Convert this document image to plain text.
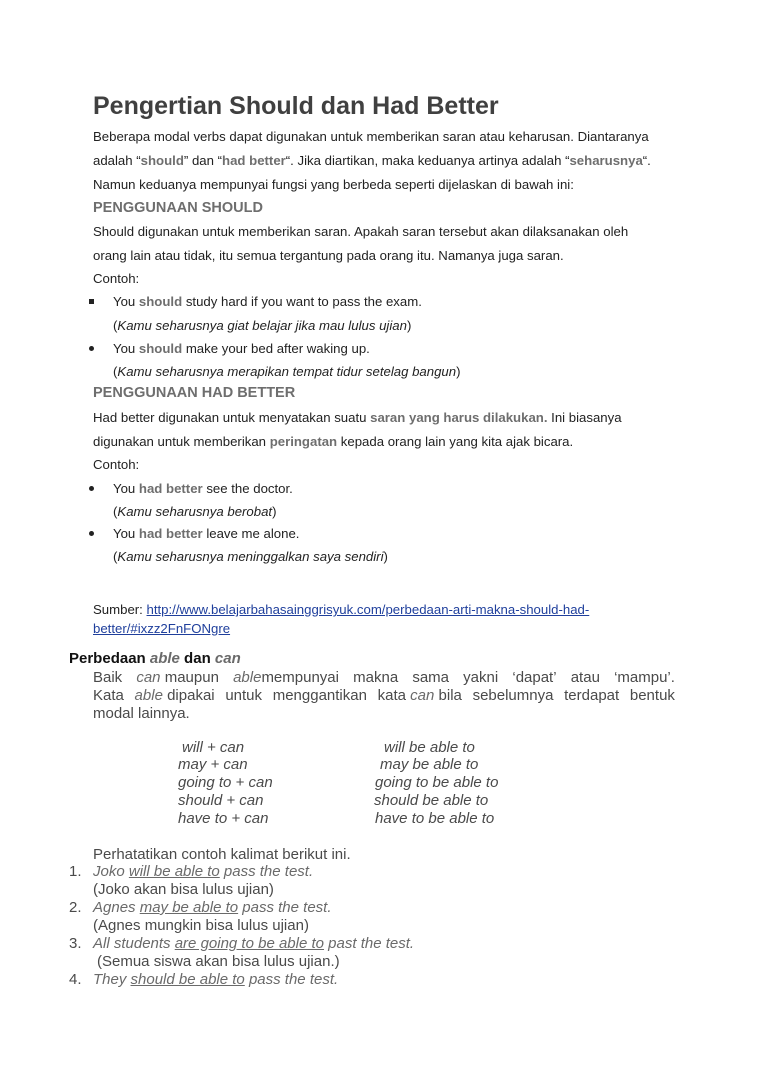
Pengertian Should dan Had Better
Beberapa modal verbs dapat digunakan untuk memberikan saran atau keharusan. Diantaranya
adalah “should” dan “had better“. Jika diartikan, maka keduanya artinya adalah “seharusnya“.
Namun keduanya mempunyai fungsi yang berbeda seperti dijelaskan di bawah ini:
PENGGUNAAN SHOULD
Should digunakan untuk memberikan saran. Apakah saran tersebut akan dilaksanakan oleh
orang lain atau tidak, itu semua tergantung pada orang itu. Namanya juga saran.
Contoh:
You should study hard if you want to pass the exam.
(Kamu seharusnya giat belajar jika mau lulus ujian)
You should make your bed after waking up.
(Kamu seharusnya merapikan tempat tidur setelag bangun)
PENGGUNAAN HAD BETTER
Had better digunakan untuk menyatakan suatu saran yang harus dilakukan. Ini biasanya
digunakan untuk memberikan peringatan kepada orang lain yang kita ajak bicara.
Contoh:
You had better see the doctor.
(Kamu seharusnya berobat)
You had better leave me alone.
(Kamu seharusnya meninggalkan saya sendiri)
Sumber: http://www.belajarbahasainggrisyuk.com/perbedaan-arti-makna-should-had-
better/#ixzz2FnFONgre
Perbedaan able dan can
Baik can maupun ablemempunyai makna sama yakni ‘dapat’ atau ‘mampu’.
Kata able dipakai untuk menggantikan kata can bila sebelumnya terdapat bentuk
modal lainnya.
will + can	will be able to
may + can	may be able to
going to + can	going to be able to
should + can	should be able to
have to + can	have to be able to
Perhatatikan contoh kalimat berikut ini.
1. Joko will be able to pass the test.
(Joko akan bisa lulus ujian)
2. Agnes may be able to pass the test.
(Agnes mungkin bisa lulus ujian)
3. All students are going to be able to past the test.
(Semua siswa akan bisa lulus ujian.)
4. They should be able to pass the test.
